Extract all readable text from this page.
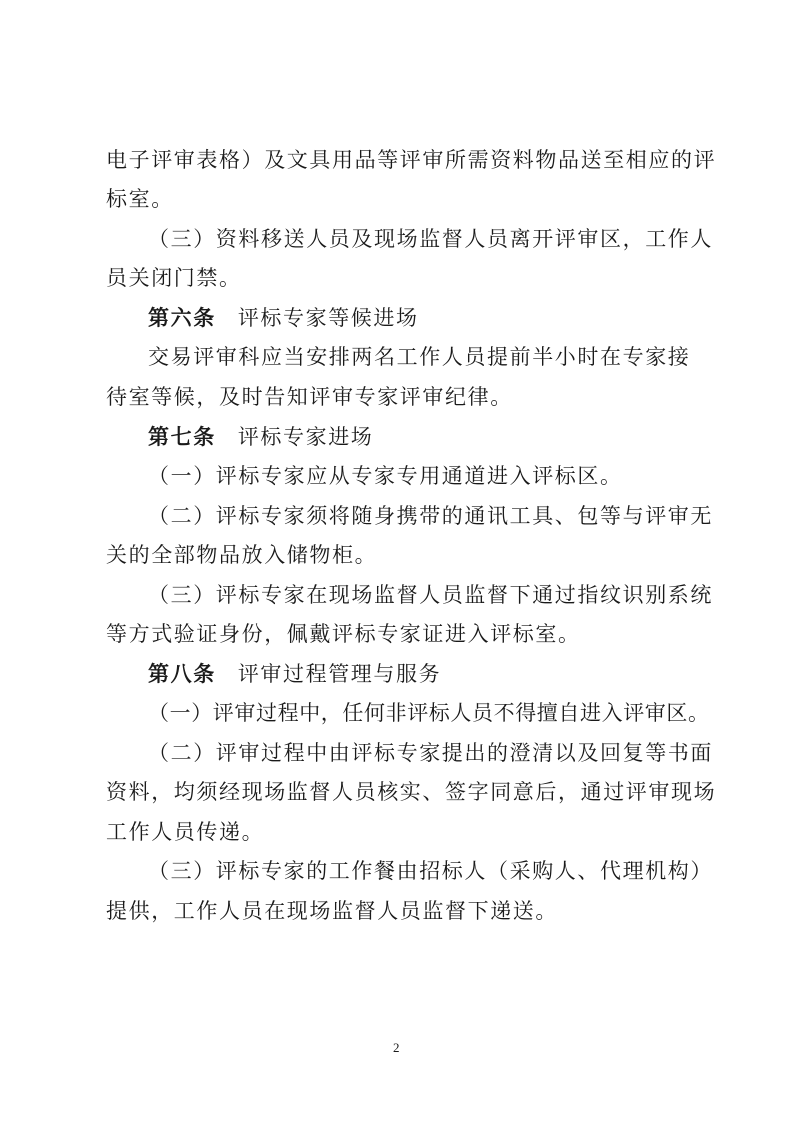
电子评审表格）及文具用品等评审所需资料物品送至相应的评
标室。
（三）资料移送人员及现场监督人员离开评审区，工作人
员关闭门禁。
第六条 评标专家等候进场
交易评审科应当安排两名工作人员提前半小时在专家接
待室等候，及时告知评审专家评审纪律。
第七条 评标专家进场
（一）评标专家应从专家专用通道进入评标区。
（二）评标专家须将随身携带的通讯工具、包等与评审无
关的全部物品放入储物柜。
（三）评标专家在现场监督人员监督下通过指纹识别系统
等方式验证身份，佩戴评标专家证进入评标室。
第八条 评审过程管理与服务
（一）评审过程中，任何非评标人员不得擅自进入评审区。
（二）评审过程中由评标专家提出的澄清以及回复等书面
资料，均须经现场监督人员核实、签字同意后，通过评审现场
工作人员传递。
（三）评标专家的工作餐由招标人（采购人、代理机构）
提供，工作人员在现场监督人员监督下递送。
2
